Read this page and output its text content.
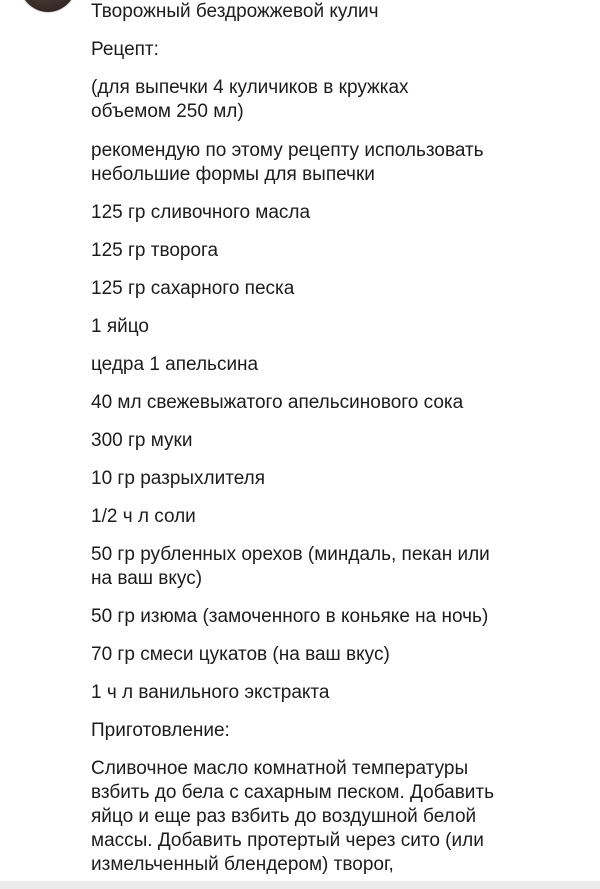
Творожный бездрожжевой кулич
Рецепт:
(для выпечки 4 куличиков в кружках
объемом 250 мл)
рекомендую по этому рецепту использовать
небольшие формы для выпечки
125 гр сливочного масла
125 гр творога
125 гр сахарного песка
1 яйцо
цедра 1 апельсина
40 мл свежевыжатого апельсинового сока
300 гр муки
10 гр разрыхлителя
1/2 ч л соли
50 гр рубленных орехов (миндаль, пекан или
на ваш вкус)
50 гр изюма (замоченного в коньяке на ночь)
70 гр смеси цукатов (на ваш вкус)
1 ч л ванильного экстракта
Приготовление:
Сливочное масло комнатной температуры
взбить до бела с сахарным песком. Добавить
яйцо и еще раз взбить до воздушной белой
массы. Добавить протертый через сито (или
измельченный блендером) творог,
